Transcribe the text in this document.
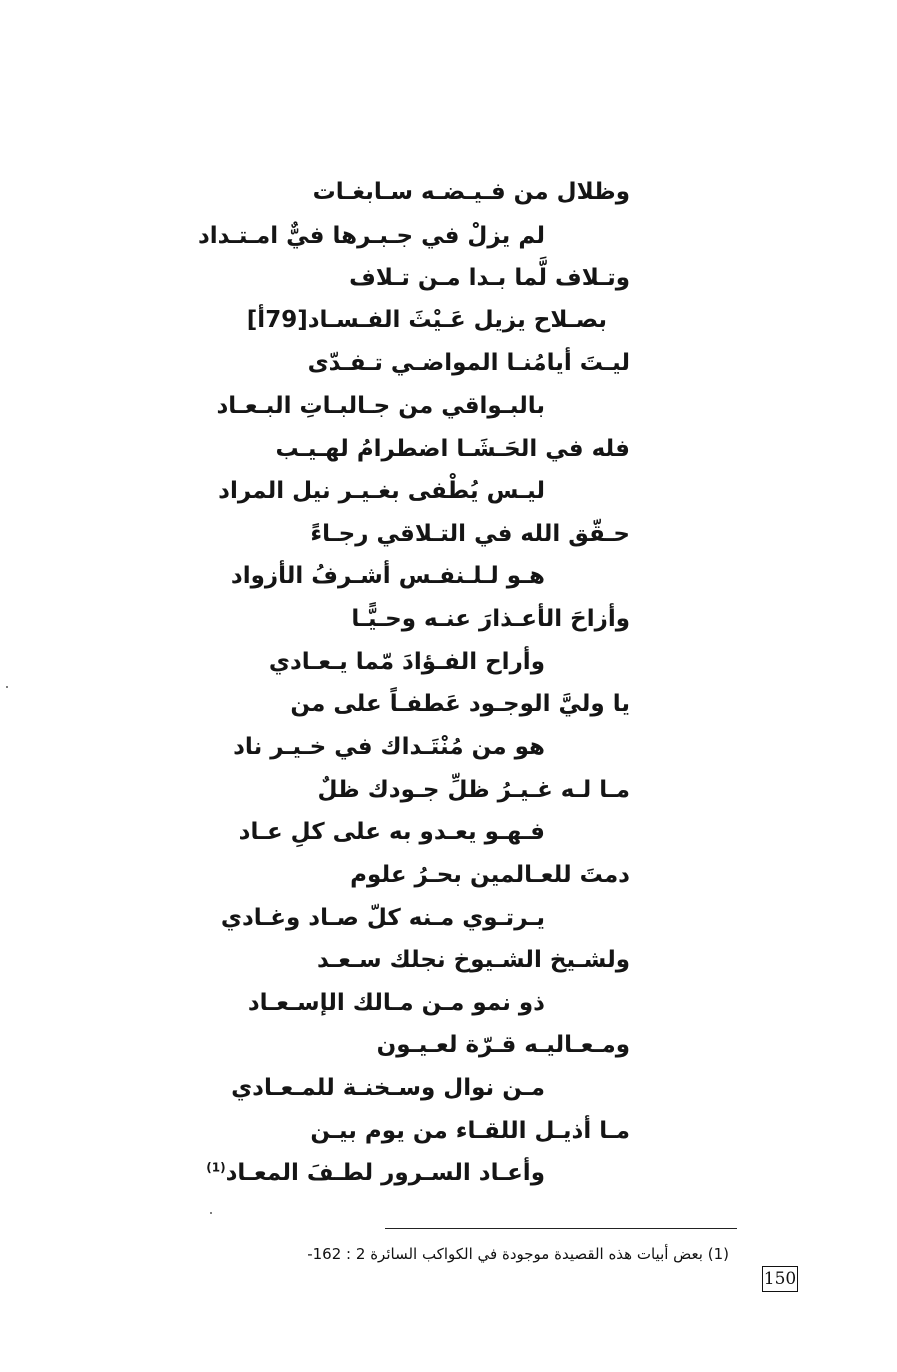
وظلال من فـيـضـه سـابغـات
لم يزلْ في جـبـرها فيٌّ امـتـداد
وتـلاف لَّما بـدا مـن تـلاف
بصـلاح يزيل عَـيْثَ الفـسـاد[79أ]
ليـتَ أيامُنـا المواضـي تـفـدّى
بالبـواقي من جـالبـاتِ البـعـاد
فله في الحَـشَـا اضطرامُ لهـيـب
ليـس يُطْفى بغـيـر نيل المراد
حـقّق الله في التـلاقي رجـاءً
هـو لـلـنفـس أشـرفُ الأزواد
وأزاحَ الأعـذارَ عنـه وحـيًّـا
وأراح الفـؤادَ مّما يـعـادي
يا وليَّ الوجـود عَطفـاً على من
هو من مُنْتَـداك في خـيـر ناد
مـا لـه غـيـرُ ظلِّ جـودك ظلٌ
فـهـو يعـدو به على كلِ عـاد
دمتَ للعـالمين بحـرُ علوم
يـرتـوي مـنه كلّ صـاد وغـادي
ولشـيخ الشـيوخ نجلك سـعـد
ذو نمو مـن مـالك الإسـعـاد
ومـعـاليـه قـرّة لعـيـون
مـن نوال وسـخنـة للمـعـادي
مـا أذيـل اللقـاء من يوم بيـن
وأعـاد السـرور لطـفَ المعـاد$^{(1)}$
(1) بعض أبيات هذه القصيدة موجودة في الكواكب السائرة 2 : 162-
150
